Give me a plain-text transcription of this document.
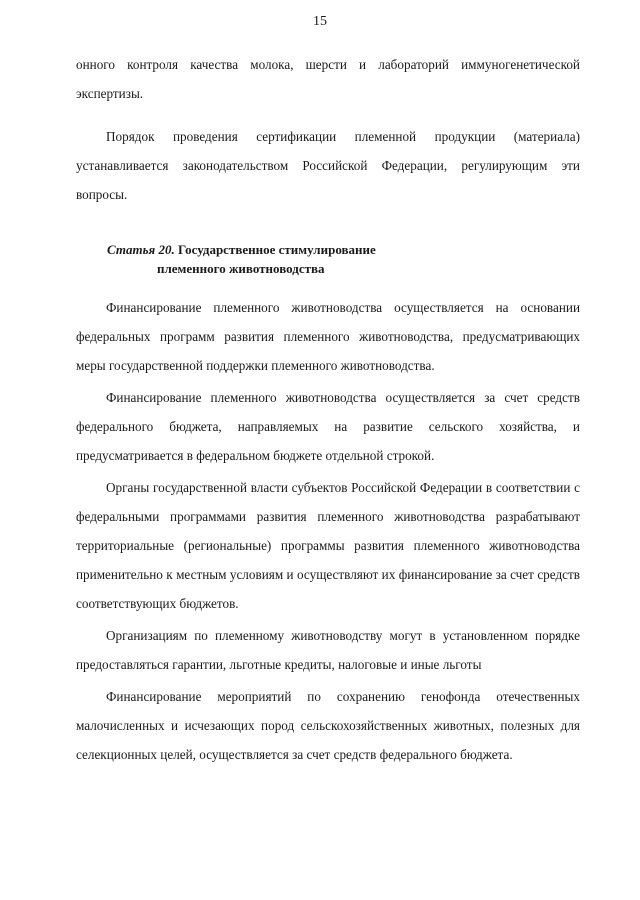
15

онного контроля качества молока, шерсти и лабораторий иммуногенетической экспертизы.

Порядок проведения сертификации племенной продукции (материала) устанавливается законодательством Российской Федерации, регулирующим эти вопросы.

Статья 20. Государственное стимулирование
племенного животноводства

Финансирование племенного животноводства осуществляется на основании федеральных программ развития племенного животноводства, предусматривающих меры государственной поддержки племенного животноводства.

Финансирование племенного животноводства осуществляется за счет средств федерального бюджета, направляемых на развитие сельского хозяйства, и предусматривается в федеральном бюджете отдельной строкой.

Органы государственной власти субъектов Российской Федерации в соответствии с федеральными программами развития племенного животноводства разрабатывают территориальные (региональные) программы развития племенного животноводства применительно к местным условиям и осуществляют их финансирование за счет средств соответствующих бюджетов.

Организациям по племенному животноводству могут в установленном порядке предоставляться гарантии, льготные кредиты, налоговые и иные льготы

Финансирование мероприятий по сохранению генофонда отечественных малочисленных и исчезающих пород сельскохозяйственных животных, полезных для селекционных целей, осуществляется за счет средств федерального бюджета.
